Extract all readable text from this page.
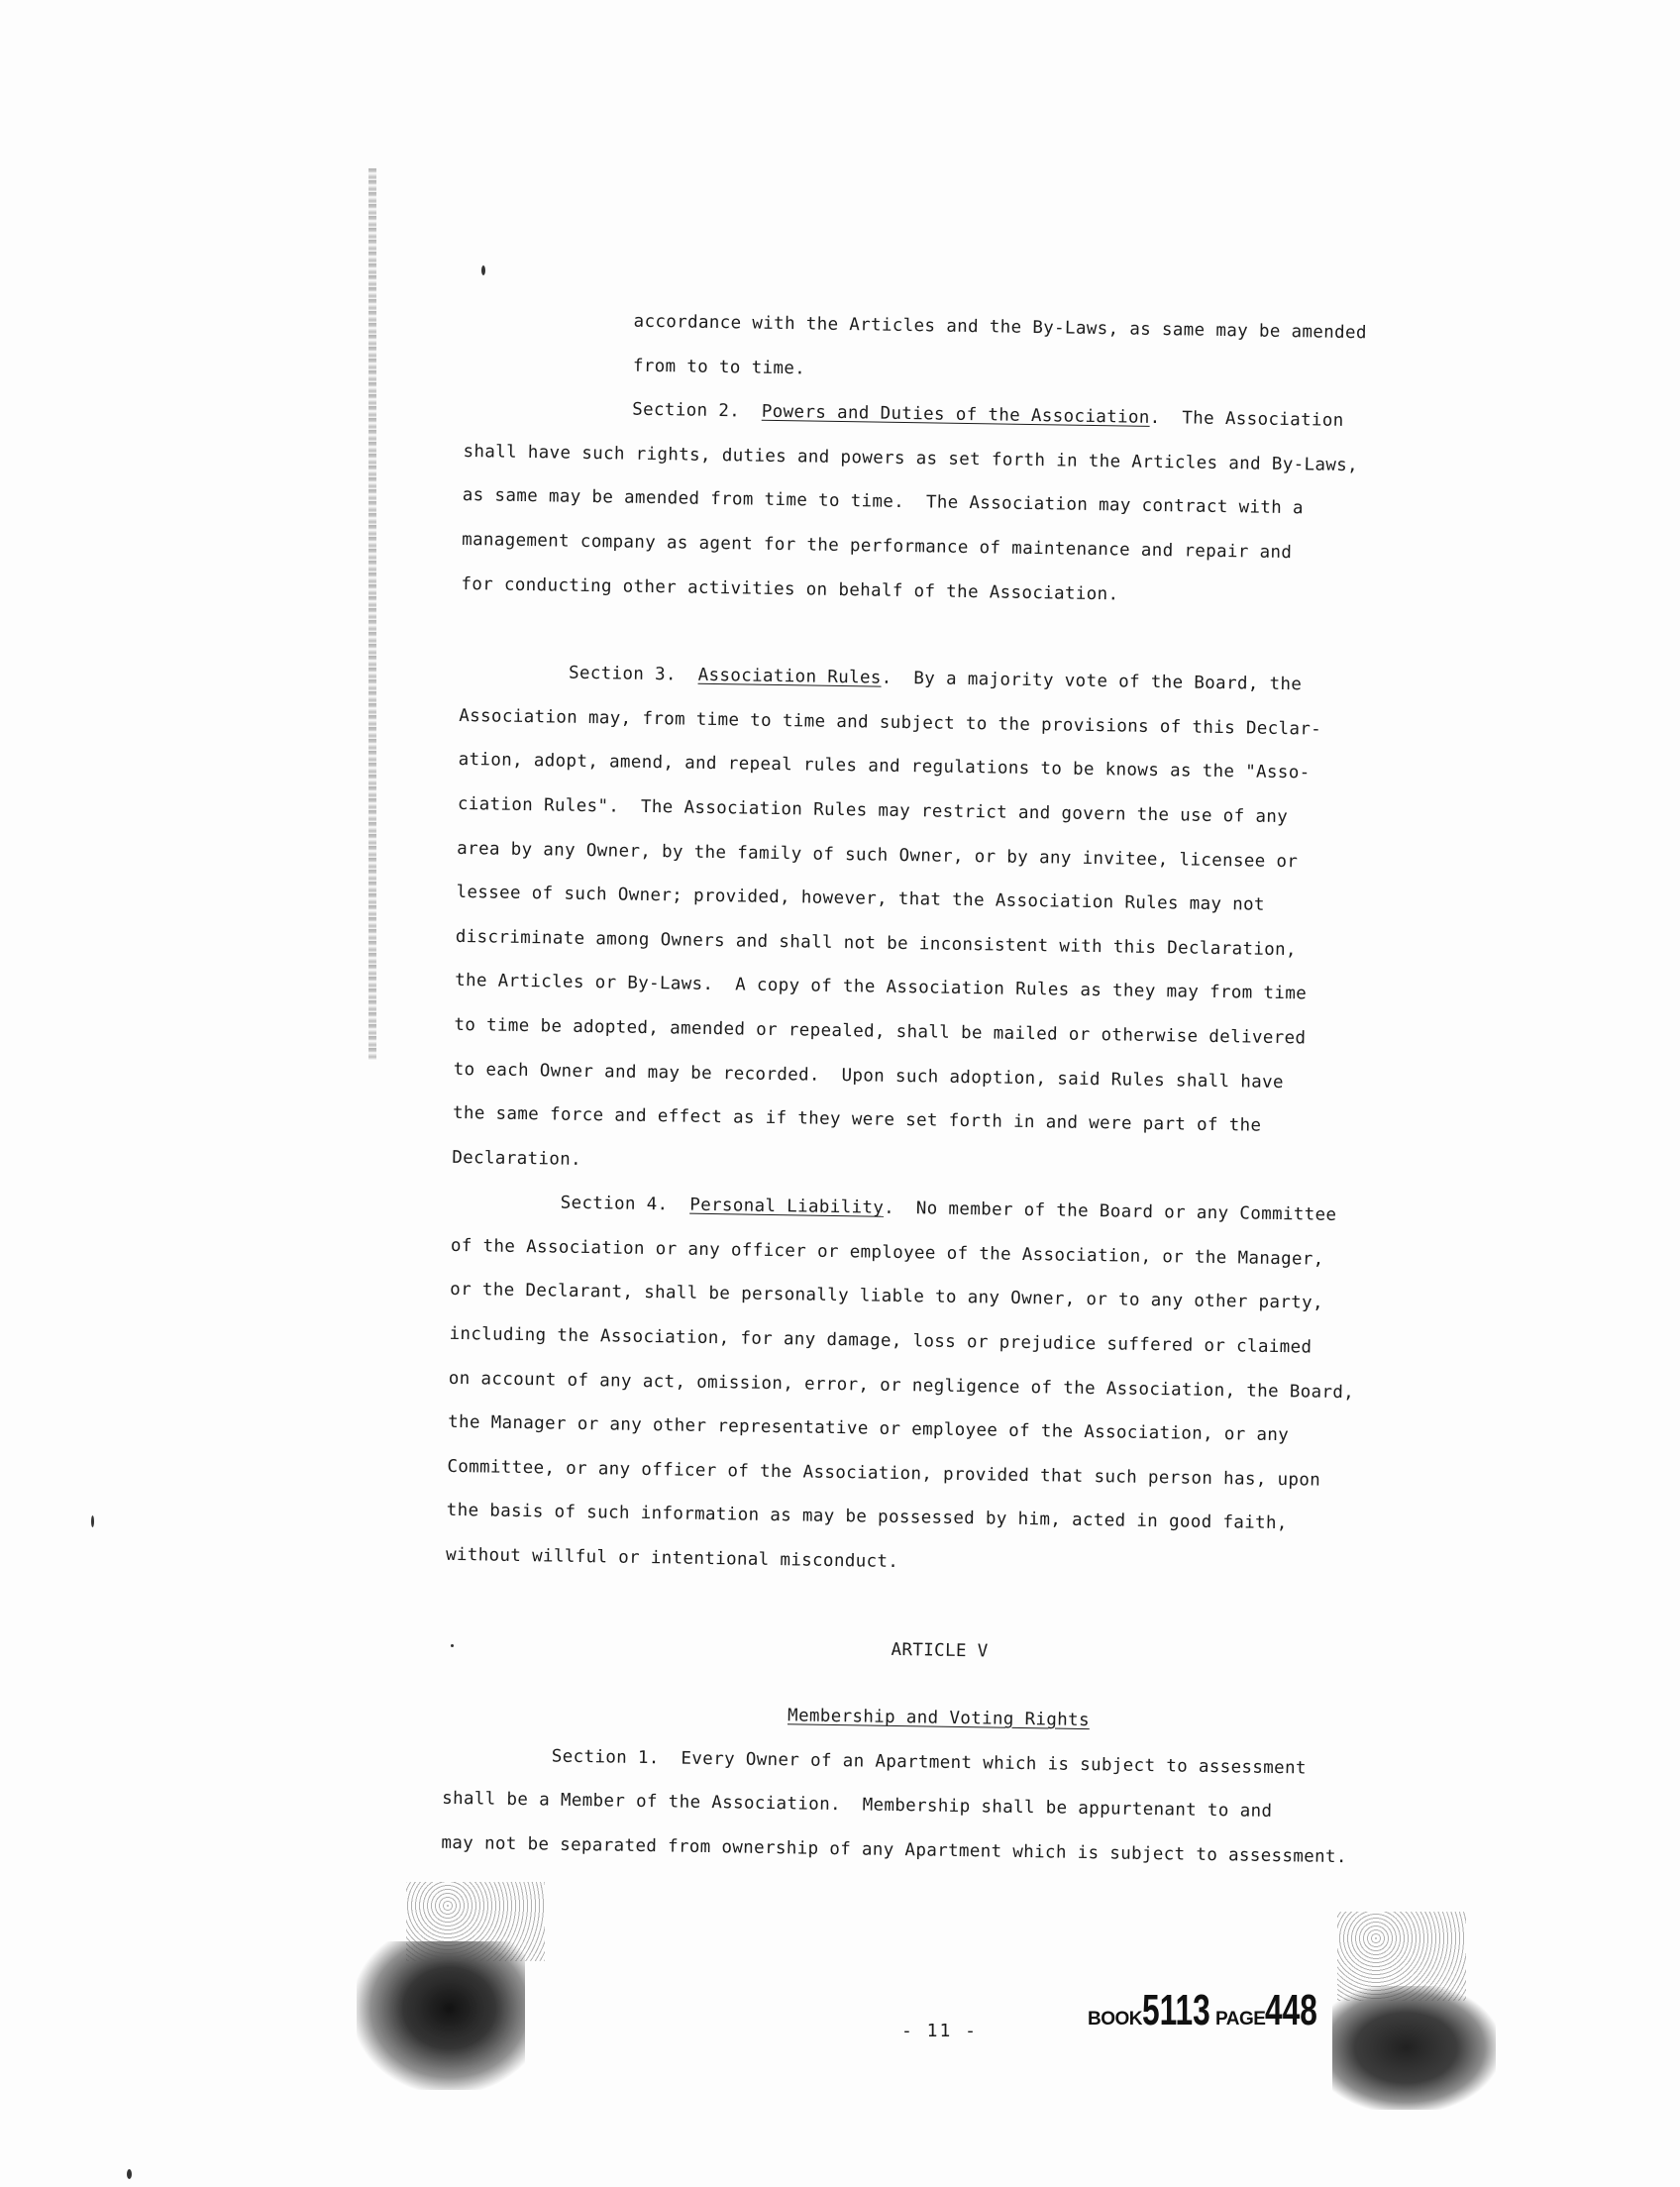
accordance with the Articles and the By-Laws, as same may be amended
from to to time.
Section 2. Powers and Duties of the Association.  The Association
shall have such rights, duties and powers as set forth in the Articles and By-Laws,
as same may be amended from time to time.  The Association may contract with a
management company as agent for the performance of maintenance and repair and
for conducting other activities on behalf of the Association.
Section 3. Association Rules.  By a majority vote of the Board, the
Association may, from time to time and subject to the provisions of this Declar-
ation, adopt, amend, and repeal rules and regulations to be knows as the "Asso-
ciation Rules".  The Association Rules may restrict and govern the use of any
area by any Owner, by the family of such Owner, or by any invitee, licensee or
lessee of such Owner; provided, however, that the Association Rules may not
discriminate among Owners and shall not be inconsistent with this Declaration,
the Articles or By-Laws.  A copy of the Association Rules as they may from time
to time be adopted, amended or repealed, shall be mailed or otherwise delivered
to each Owner and may be recorded.  Upon such adoption, said Rules shall have
the same force and effect as if they were set forth in and were part of the
Declaration.
Section 4. Personal Liability.  No member of the Board or any Committee
of the Association or any officer or employee of the Association, or the Manager,
or the Declarant, shall be personally liable to any Owner, or to any other party,
including the Association, for any damage, loss or prejudice suffered or claimed
on account of any act, omission, error, or negligence of the Association, the Board,
the Manager or any other representative or employee of the Association, or any
Committee, or any officer of the Association, provided that such person has, upon
the basis of such information as may be possessed by him, acted in good faith,
without willful or intentional misconduct.
ARTICLE V
Membership and Voting Rights
Section 1. Every Owner of an Apartment which is subject to assessment
shall be a Member of the Association.  Membership shall be appurtenant to and
may not be separated from ownership of any Apartment which is subject to assessment.
- 11 -
BOOK5113 PAGE448
